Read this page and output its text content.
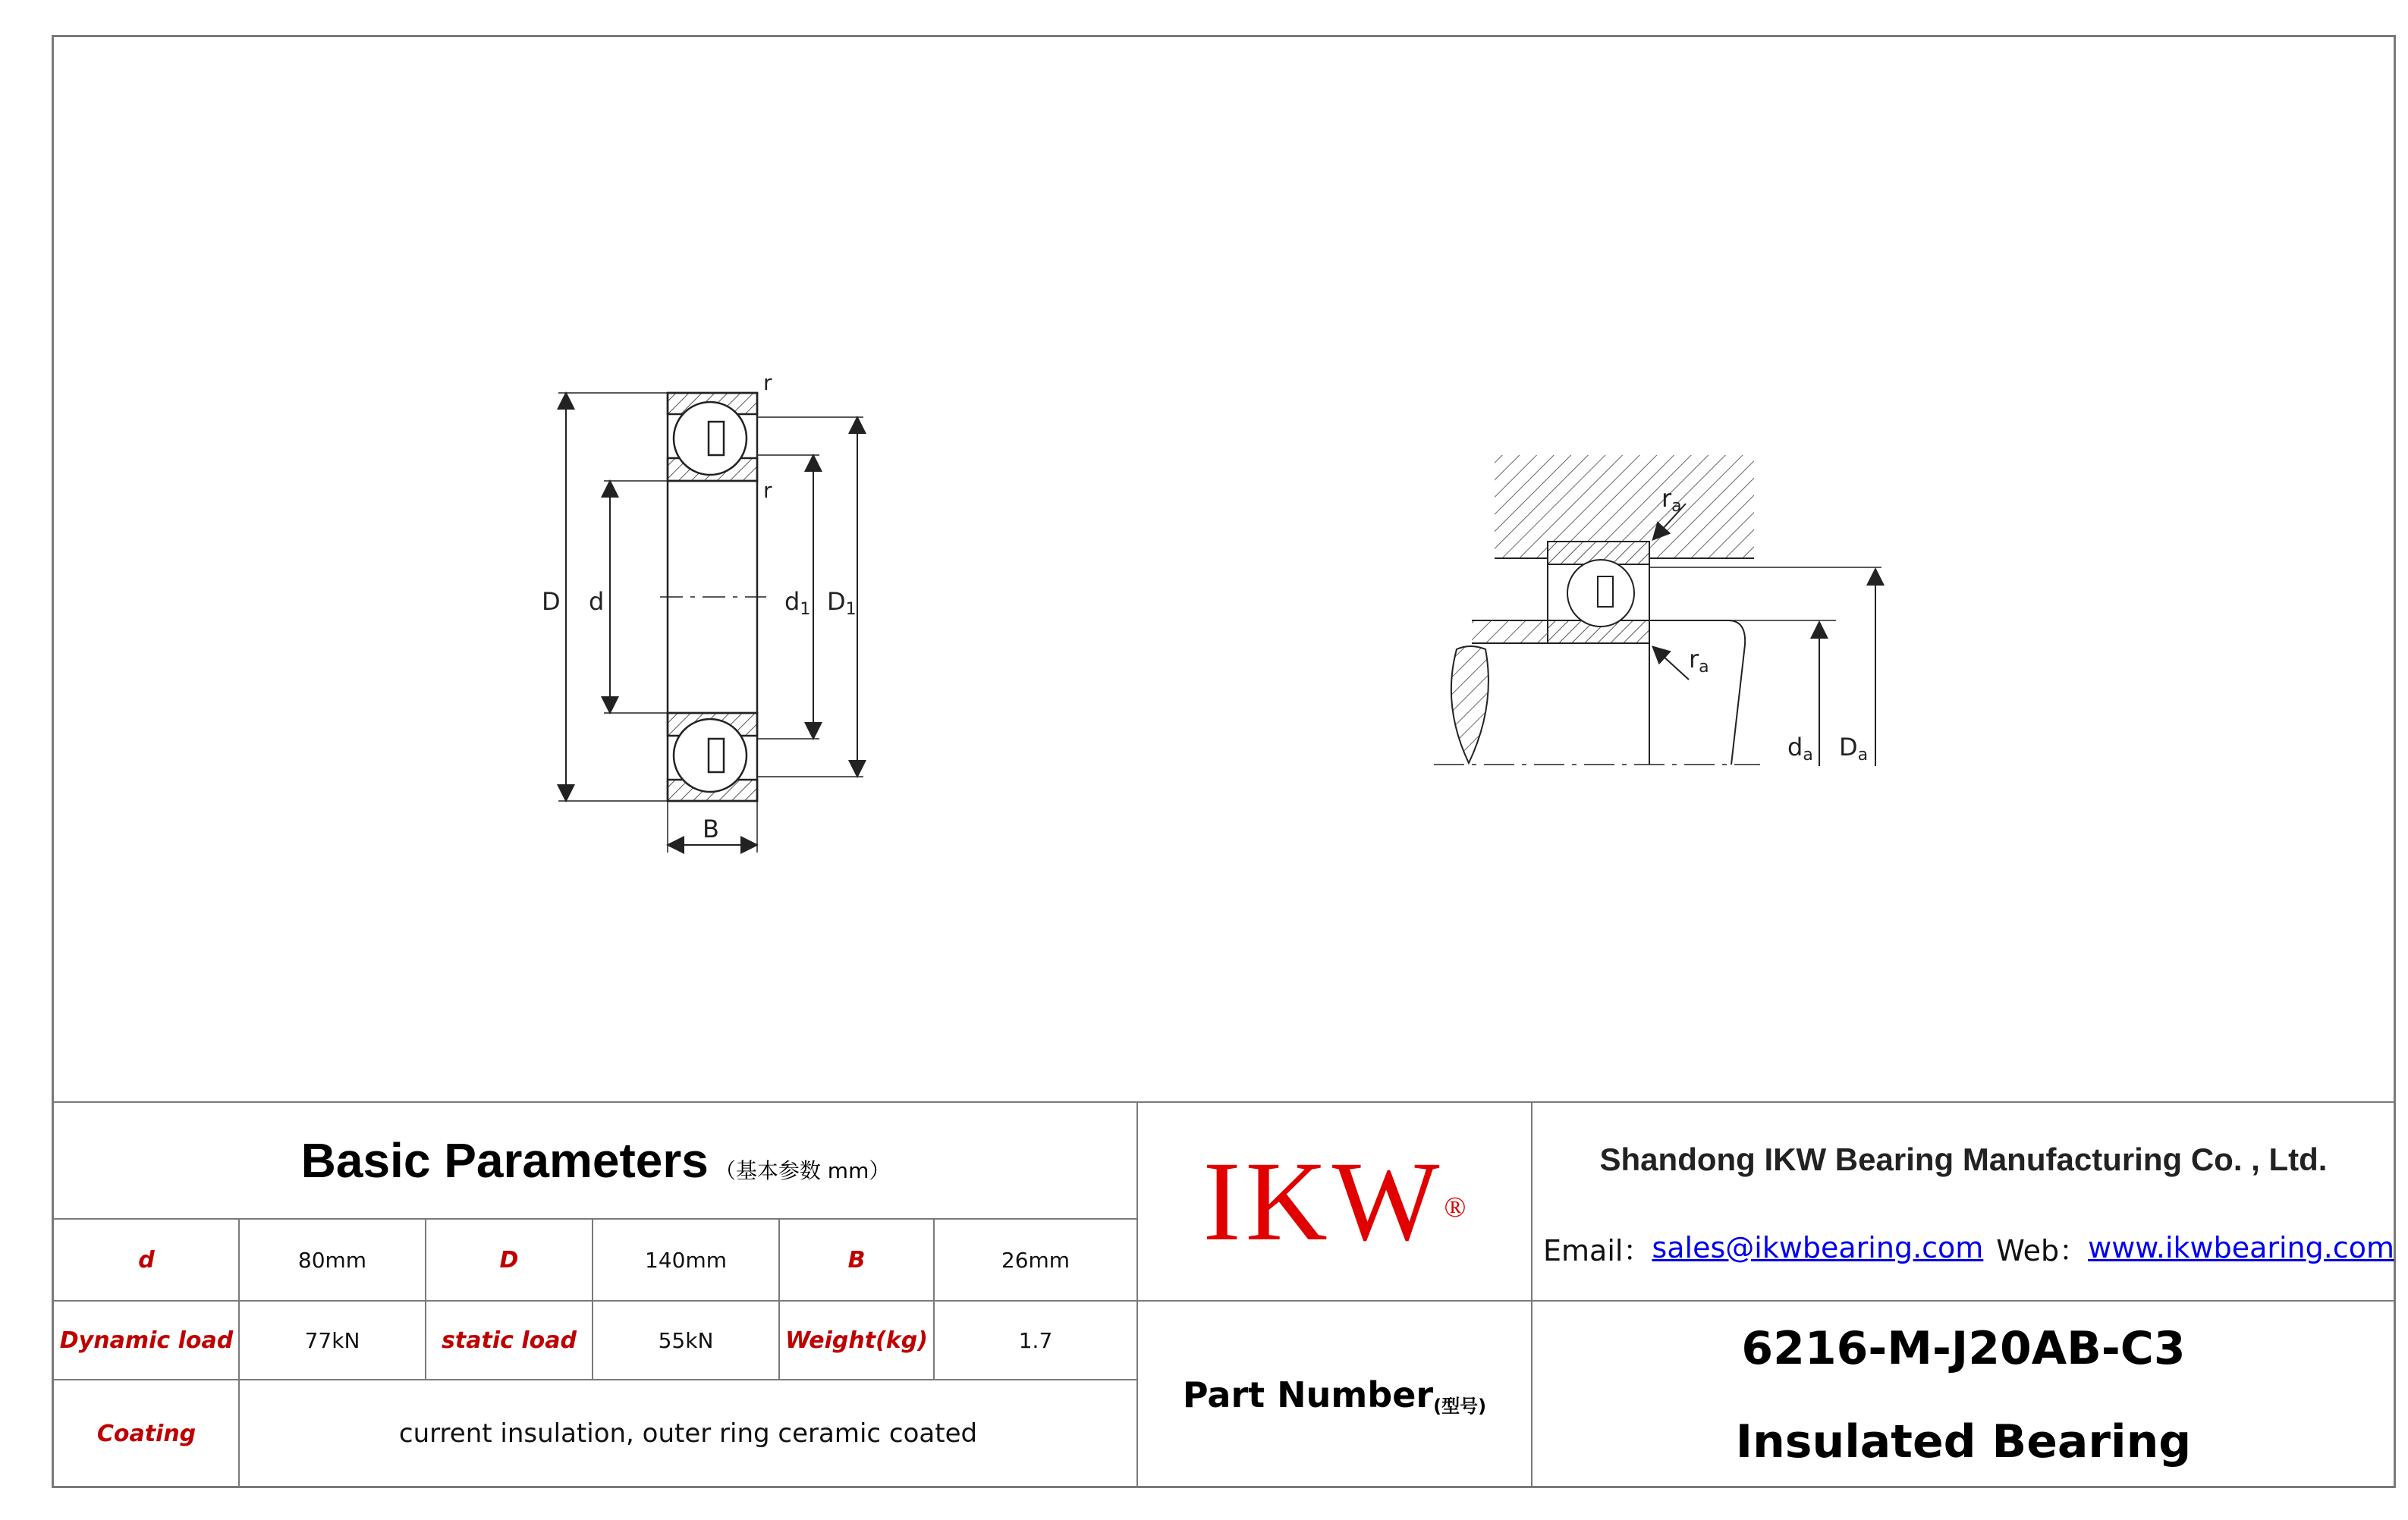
D d	d1 D1
B
r
r	ra
ra
da Da
Basic Parameters （基本参数 mm）
d	80mm	D	140mm	B	26mm
Dynamic load	77kN	static load	55kN	Weight(kg)	1.7
Coating	current insulation, outer ring ceramic coated
IKW ®
Shandong IKW Bearing Manufacturing Co. , Ltd.
Email： sales@ikwbearing.com Web： www.ikwbearing.com
Part Number (型号)
6216-M-J20AB-C3
Insulated Bearing
